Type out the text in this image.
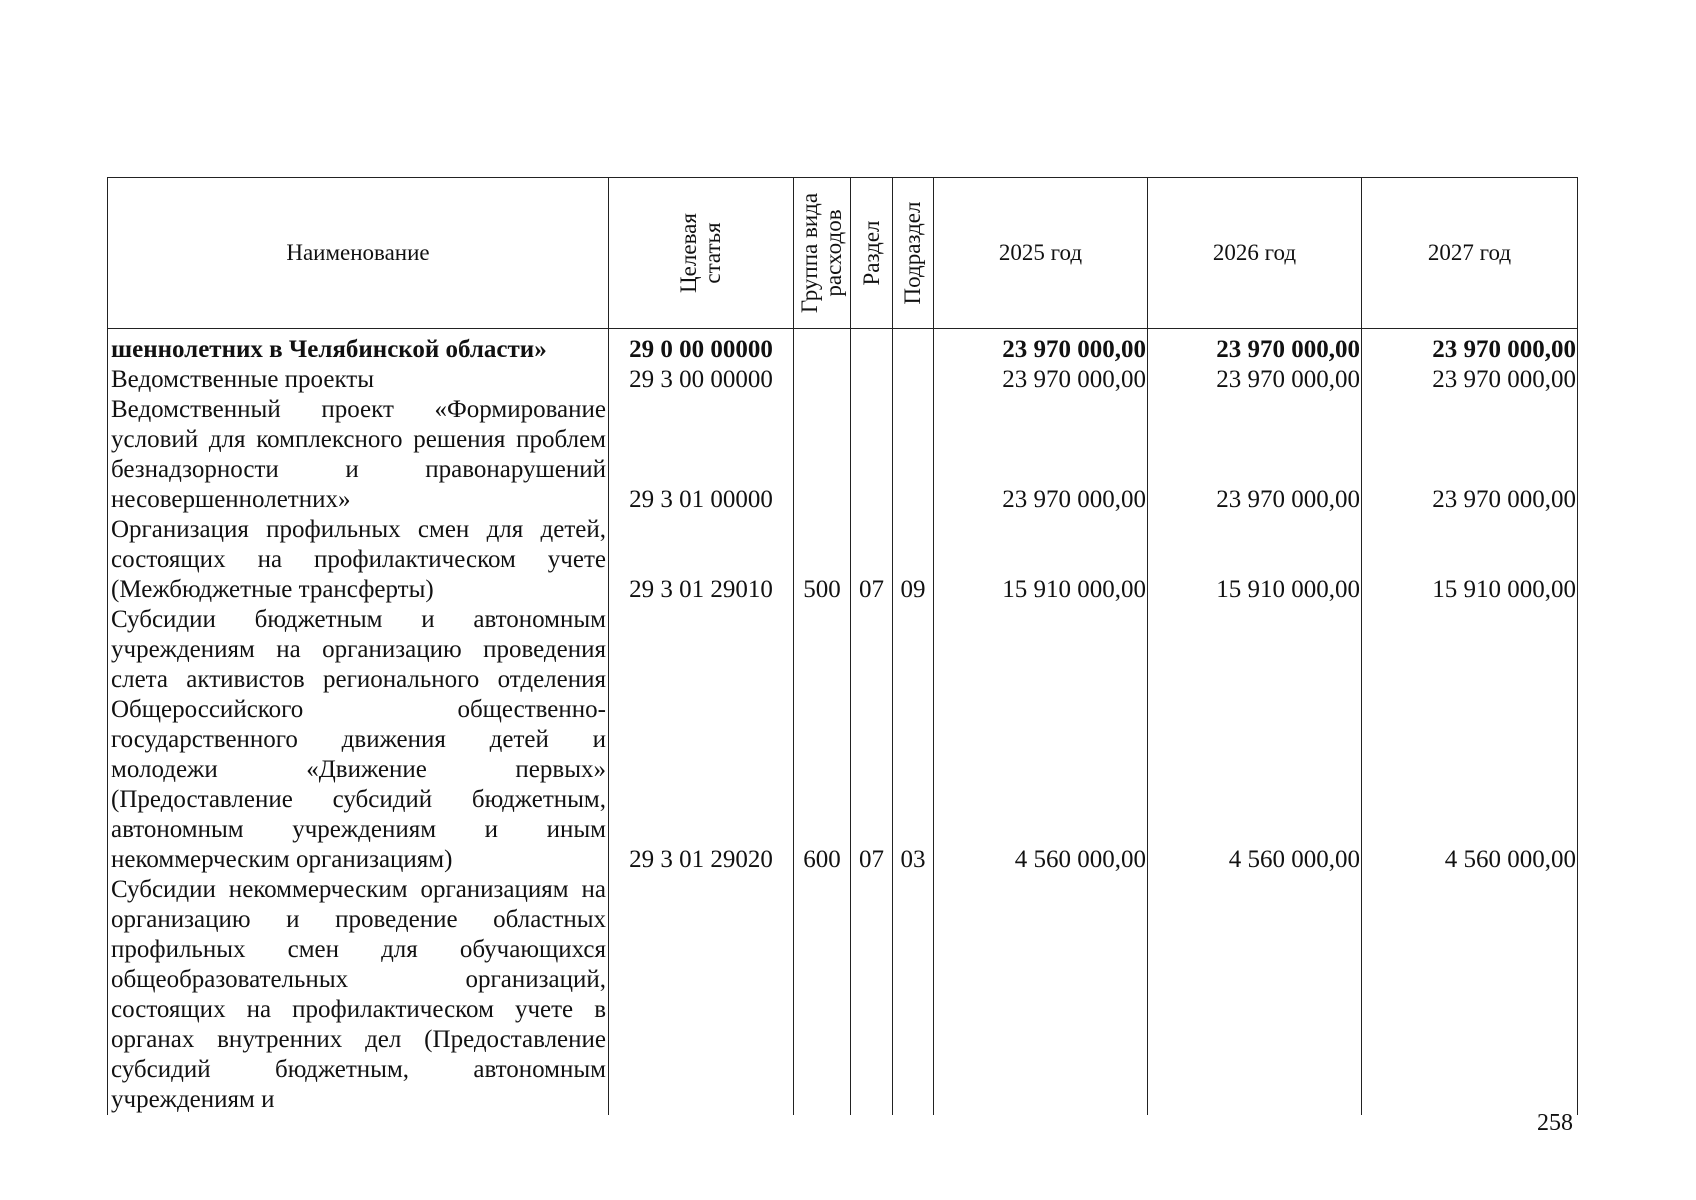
Наименование	Целевая статья	Группа вида расходов	Раздел	Подраздел	2025 год	2026 год	2027 год
шеннолетних в Челябинской области»	29 0 00 00000				23 970 000,00	23 970 000,00	23 970 000,00
Ведомственные проекты	29 3 00 00000				23 970 000,00	23 970 000,00	23 970 000,00
Ведомственный проект «Формирование условий для комплексного решения проблем безнадзорности и правонарушений несовершеннолетних»	29 3 01 00000				23 970 000,00	23 970 000,00	23 970 000,00
Организация профильных смен для детей, состоящих на профилактическом учете (Межбюджетные трансферты)	29 3 01 29010	500	07	09	15 910 000,00	15 910 000,00	15 910 000,00
Субсидии бюджетным и автономным учреждениям на организацию проведения слета активистов регионального отделения Общероссийского общественно-государственного движения детей и молодежи «Движение первых» (Предоставление субсидий бюджетным, автономным учреждениям и иным некоммерческим организациям)	29 3 01 29020	600	07	03	4 560 000,00	4 560 000,00	4 560 000,00
Субсидии некоммерческим организациям на организацию и проведение областных профильных смен для обучающихся общеобразовательных организаций, состоящих на профилактическом учете в органах внутренних дел (Предоставление субсидий бюджетным, автономным учреждениям и							
258
